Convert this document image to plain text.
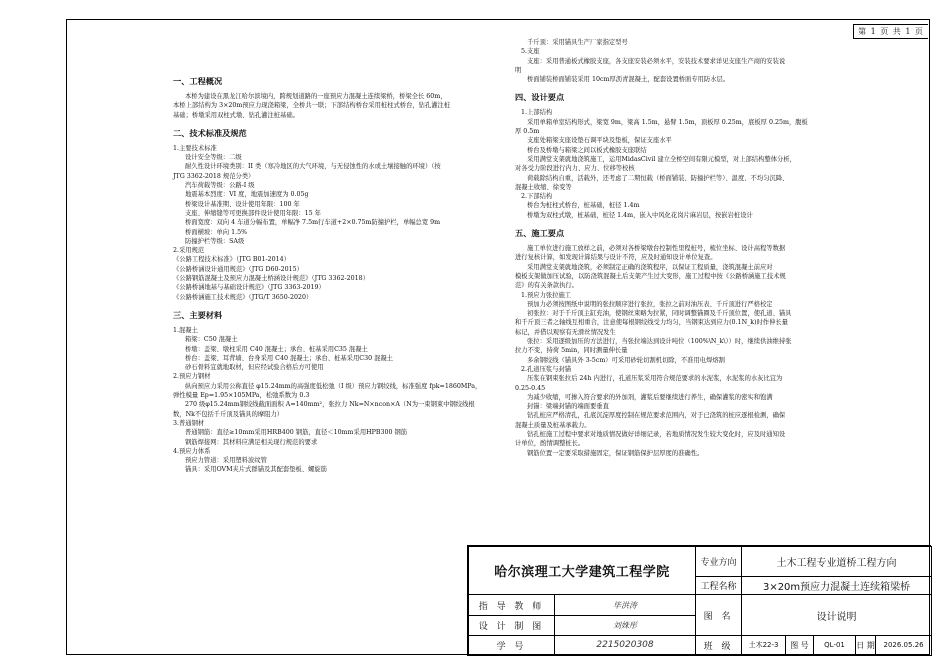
第 1 页 共 1 页
一、工程概况

本桥为建设在黑龙江哈尔滨境内，跨规划道路的一座预应力混凝土连续梁桥，桥梁全长 60m，

本桥上部结构为 3×20m预应力现浇箱梁，全桥共一联；下部结构桥台采用桩柱式桥台，钻孔灌注桩

基础；桥墩采用双柱式墩、钻孔灌注桩基础。

二、技术标准及规范

1.主要技术标准

设计安全等级：二级

耐久性设计环境类别：II 类（寒冷地区的大气环境，与无侵蚀性的水或土壤接触的环境）（按

JTG 3362-2018 规范分类）

汽车荷载等级：公路-I 级

地震基本烈度：VI 度，地震加速度为 0.05g

桥梁设计基准期、设计使用年限：100 年

支座、伸缩缝等可更换部件设计使用年限：15 年

桥面宽度：双向 4 车道分幅布置，单幅净 7.5m行车道+2×0.75m防撞护栏，单幅总宽 9m

桥面横坡：单向 1.5%

防撞护栏等级：SA级

2.采用规范

《公路工程技术标准》（JTG B01-2014）

《公路桥涵设计通用规范》（JTG D60-2015）

《公路钢筋混凝土及预应力混凝土桥涵设计规范》（JTG 3362-2018）

《公路桥涵地基与基础设计规范》（JTG 3363-2019）

《公路桥涵施工技术规范》（JTG/T 3650-2020）

三、主要材料

1.混凝土

箱梁：C50 混凝土

桥墩：盖梁、墩柱采用 C40 混凝土；承台、桩基采用C35 混凝土

桥台：盖梁、耳背墙、台身采用 C40 混凝土；承台、桩基采用C30 混凝土

砂石骨料宜就地取材，但应经试验合格后方可使用

2.预应力钢材

纵向预应力采用公称直径 φ15.24mm的高强度低松弛（I 级）预应力钢绞线，标准强度 fpk=1860MPa，

弹性模量 Ep=1.95×105MPa，松弛系数为 0.3

270 级φ15.24mm钢绞线截面面积 A=140mm²，张拉力 Nk=N×ncon×A（N为一束钢束中钢绞线根

数，Nk不包括千斤顶及锚具的摩阻力）

3.普通钢材

普通钢筋：直径≥10mm采用HRB400 钢筋，直径＜10mm采用HPB300 钢筋

钢筋焊接网：其材料应满足相关现行规范的要求

4.预应力体系

预应力管道：采用塑料波纹管

锚具：采用OVM夹片式群锚及其配套垫板、螺旋筋

千斤顶：采用锚具生产厂家指定型号

5.支座

支座：采用普通板式橡胶支座，各支座安装必须水平，安装技术要求详见支座生产商的安装说

明

桥面铺装桥面铺装采用 10cm厚沥青混凝土，配套设置桥面专用防水层。

四、设计要点

1.上部结构

采用单箱单室结构形式，梁宽 9m，梁高 1.5m，悬臂 1.5m，顶板厚 0.25m，底板厚 0.25m，腹板

厚 0.5m

支座处箱梁支座设垫石调平块及垫板，保证支座水平

桥台及桥墩与箱梁之间以板式橡胶支座联结

采用满堂支架就地浇筑施工，运用MidasCivil 建立全桥空间有限元模型，对上部结构整体分析，

对各受力阶段进行内力、应力、位移等校核

荷载除结构自重，活载外，还考虑了二期恒载（桥面铺装、防撞护栏等）、温度、不均匀沉降、

混凝土收缩、徐变等

2.下部结构

桥台为桩柱式桥台，桩基础，桩径 1.4m

桥墩为双柱式墩，桩基础，桩径 1.4m，嵌入中风化花岗片麻岩层，按嵌岩桩设计

五、施工要点

施工单位进行施工放样之前，必须对各桥梁墩台控制性里程桩号，梳位坐标、设计高程等数据

进行复核计算，如发现计算结果与设计不符，应及时通知设计单位复查。

采用满堂支架就地浇筑，必须制定正确的浇筑程序，以保证工程质量，浇筑混凝土前应对

模板支架做加压试验，以防浇筑混凝土后支架产生过大变形，施工过程中按《公路桥涵施工技术规

范》的有关条款执行。

1.预应力张拉施工

预加力必须按图纸中说明的张拉顺序进行张拉，张拉之前对油压表、千斤顶进行严格校定

初张拉：对于千斤顶主缸充油，使钢丝束略为拉紧，同时调整锚圈及千斤顶位置，使孔道、锚具

和千斤顶三者之轴线互相重合，注意使每根钢绞线受力均匀，当钢束达到应力(0.1N_k)时作伸长量

标记，并借以观察有无滑丝情况发生

张拉：采用逐级加压的方法进行，当张拉端达到设计吨位（100%\N_k\））时，继续供油维持张

拉力不变，持荷 5min，同时测量伸长量

多余钢绞线（锚具外 3-5cm）可采用砂轮切割机切除，不准用电焊熔割

2.孔道压浆与封锚

压浆在钢束张拉后 24h 内进行，孔道压浆采用符合规范要求的水泥浆，水泥浆的水灰比宜为

0.25-0.45

为减少收缩，可掺入符合要求的外加剂，灌浆后要继续进行养生，确保灌浆的密实和饱满

封锚：梁端封锚的端面要垂直

钻孔桩应严格清孔，孔底沉淀厚度控制在规范要求范围内，对于已浇筑的桩应逐根检测，确保

混凝土质量及桩基承载力。

钻孔桩施工过程中要求对地质情况做好详细记录，若地质情况发生较大变化时，应及时通知设

计单位，酌情调整桩长。

钢筋位置一定要采取措施固定，保证钢筋保护层厚度的准确性。

哈尔滨理工大学建筑工程学院		专业方向	土木工程专业道桥工程方向				
		工程名称	3×20m预应力混凝土连续箱梁桥				
指 导 教 师	毕洪涛	图 名	设计说明				
设 计 制 图	刘姝彤						
学 号	2215020308	班 级	土木22-3	图 号	QL-01	日 期	2026.05.26
